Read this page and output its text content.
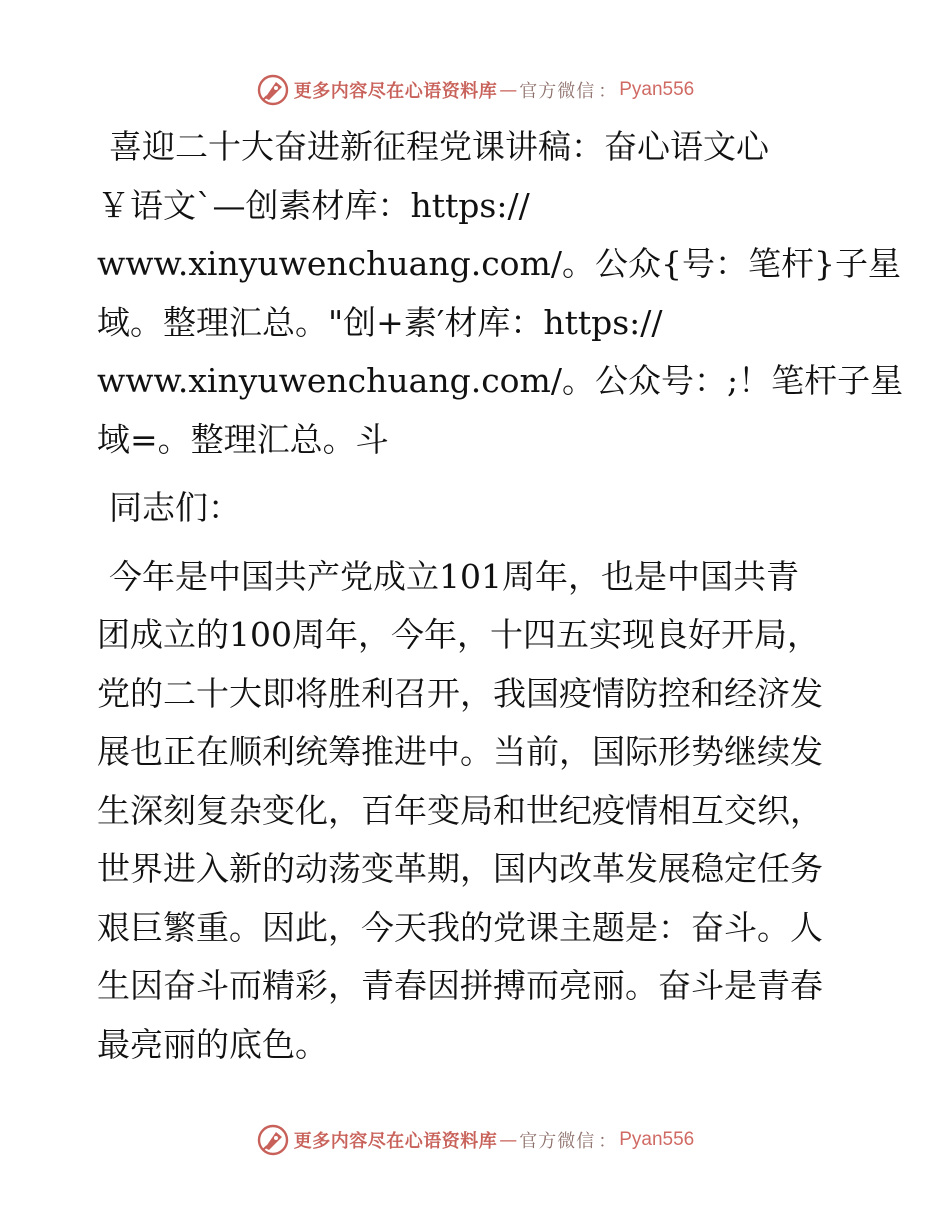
更多内容尽在心语资料库 — 官方微信 ： Pyan556

喜迎二十大奋进新征程党课讲稿：奋心语文心
￥语文`—创素材库：https://
www.xinyuwenchuang.com/。公众{号：笔杆}子星
域。整理汇总。"创+素′材库：https://
www.xinyuwenchuang.com/。公众号：;！笔杆子星
域=。整理汇总。斗

同志们：

今年是中国共产党成立101周年，也是中国共青
团成立的100周年，今年，十四五实现良好开局，
党的二十大即将胜利召开，我国疫情防控和经济发
展也正在顺利统筹推进中。当前，国际形势继续发
生深刻复杂变化，百年变局和世纪疫情相互交织，
世界进入新的动荡变革期，国内改革发展稳定任务
艰巨繁重。因此，今天我的党课主题是：奋斗。人
生因奋斗而精彩，青春因拼搏而亮丽。奋斗是青春
最亮丽的底色。

更多内容尽在心语资料库 — 官方微信 ： Pyan556
